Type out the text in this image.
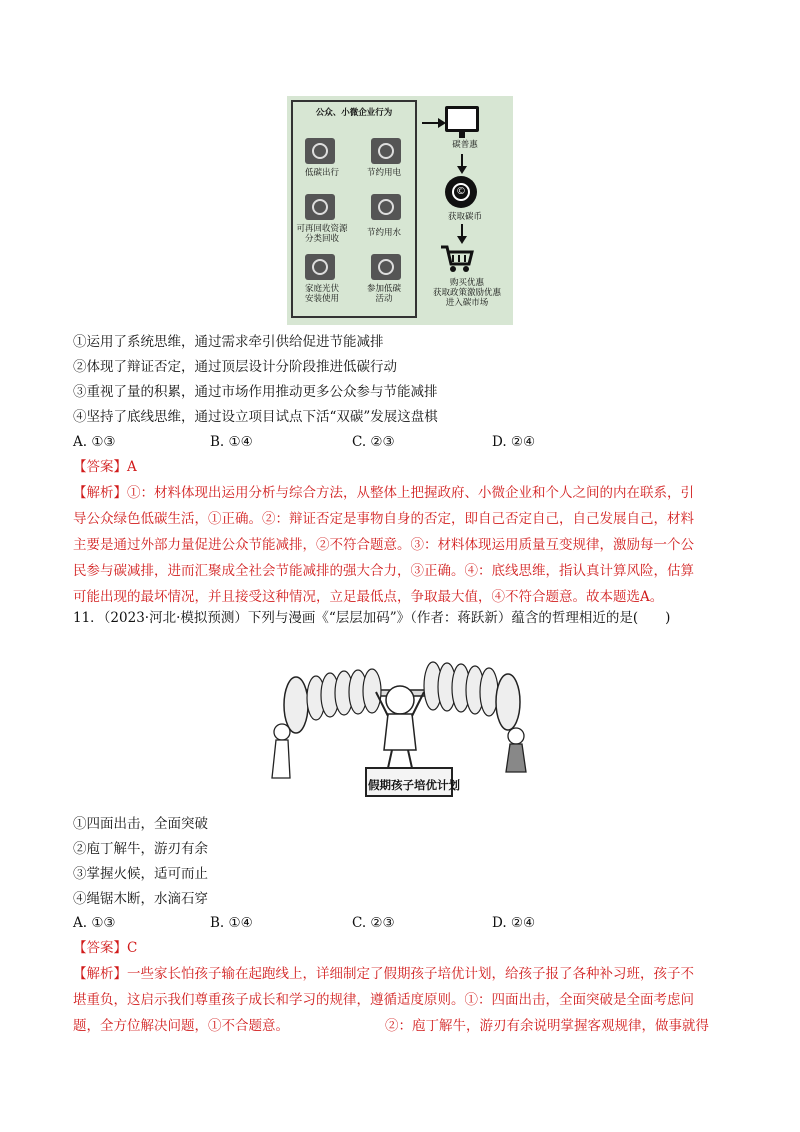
公众、小微企业行为
低碳出行	节约用电
可再回收资源
分类回收
节约用水
家庭光伏
安装使用
参加低碳
活动
碳普惠
©
获取碳币
购买优惠
获取政策激励优惠
进入碳市场
①运用了系统思维，通过需求牵引供给促进节能减排
②体现了辩证否定，通过顶层设计分阶段推进低碳行动
③重视了量的积累，通过市场作用推动更多公众参与节能减排
④坚持了底线思维，通过设立项目试点下活“双碳”发展这盘棋
A. ①③	B. ①④	C. ②③	D. ②④
【答案】A
【解析】①：材料体现出运用分析与综合方法，从整体上把握政府、小微企业和个人之间的内在联系，引
导公众绿色低碳生活，①正确。②：辩证否定是事物自身的否定，即自己否定自己，自己发展自己，材料
主要是通过外部力量促进公众节能减排，②不符合题意。③：材料体现运用质量互变规律，激励每一个公
民参与碳减排，进而汇聚成全社会节能减排的强大合力，③正确。④：底线思维，指认真计算风险，估算
可能出现的最坏情况，并且接受这种情况，立足最低点，争取最大值，④不符合题意。故本题选A。
11．（2023·河北·模拟预测）下列与漫画《“层层加码”》（作者：蒋跃新）蕴含的哲理相近的是(　　)
假期孩子培优计划
①四面出击，全面突破
②庖丁解牛，游刃有余
③掌握火候，适可而止
④绳锯木断，水滴石穿
A. ①③	B. ①④	C. ②③	D. ②④
【答案】C
【解析】一些家长怕孩子输在起跑线上，详细制定了假期孩子培优计划，给孩子报了各种补习班，孩子不
堪重负，这启示我们尊重孩子成长和学习的规律，遵循适度原则。①：四面出击，全面突破是全面考虑问
题，全方位解决问题，①不合题意。	②：庖丁解牛，游刃有余说明掌握客观规律，做事就得
